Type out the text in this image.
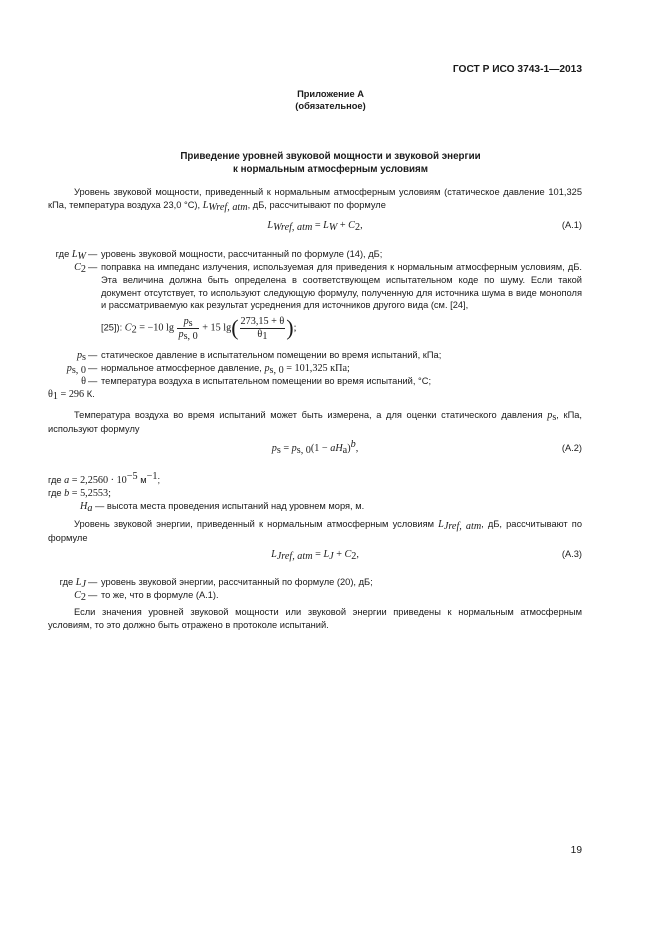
ГОСТ Р ИСО 3743-1—2013
Приложение А
(обязательное)
Приведение уровней звуковой мощности и звуковой энергии
к нормальным атмосферным условиям
Уровень звуковой мощности, приведенный к нормальным атмосферным условиям (статическое давление 101,325 кПа, температура воздуха 23,0 °С), $L_{Wref, atm}$, дБ, рассчитывают по формуле
$L_{Wref, atm} = L_W + C_2$,	(A.1)
где $L_W$ — уровень звуковой мощности, рассчитанный по формуле (14), дБ;
$C_2$ — поправка на импеданс излучения, используемая для приведения к нормальным атмосферным условиям, дБ. Эта величина должна быть определена в соответствующем испытательном коде по шуму. Если такой документ отсутствует, то используют следующую формулу, полученную для источника шума в виде монополя и рассматриваемую как результат усреднения для источников другого вида (см. [24],
[25]): $C_2 = -10$ $\lg \frac{p_s}{p_{s, 0}} + 15$ $\lg( \frac{273,15 + \theta}{\theta_1}$ );
$p_s$ — статическое давление в испытательном помещении во время испытаний, кПа;
$p_{s, 0}$ — нормальное атмосферное давление, $p_{s, 0} = 101,325$ кПа;
θ — температура воздуха в испытательном помещении во время испытаний, °С;
$\theta_1 = 296$ К.
Температура воздуха во время испытаний может быть измерена, а для оценки статического давления $p_s$, кПа, используют формулу
$p_s = p_{s, 0}(1 - aH_a)^b$,	(A.2)
где $a = 2,2560 \cdot 10^{-5}$ $м^{-1}$;
где b = 5,2553;
$H_a$ — высота места проведения испытаний над уровнем моря, м.
Уровень звуковой энергии, приведенный к нормальным атмосферным условиям $L_{Jref, atm}$, дБ, рассчитывают по формуле
$L_{Jref, atm} = L_J + C_2$,	(A.3)
где $L_J$ — уровень звуковой энергии, рассчитанный по формуле (20), дБ;
$C_2$ — то же, что в формуле (А.1).
Если значения уровней звуковой мощности или звуковой энергии приведены к нормальным атмосферным условиям, то это должно быть отражено в протоколе испытаний.
19
